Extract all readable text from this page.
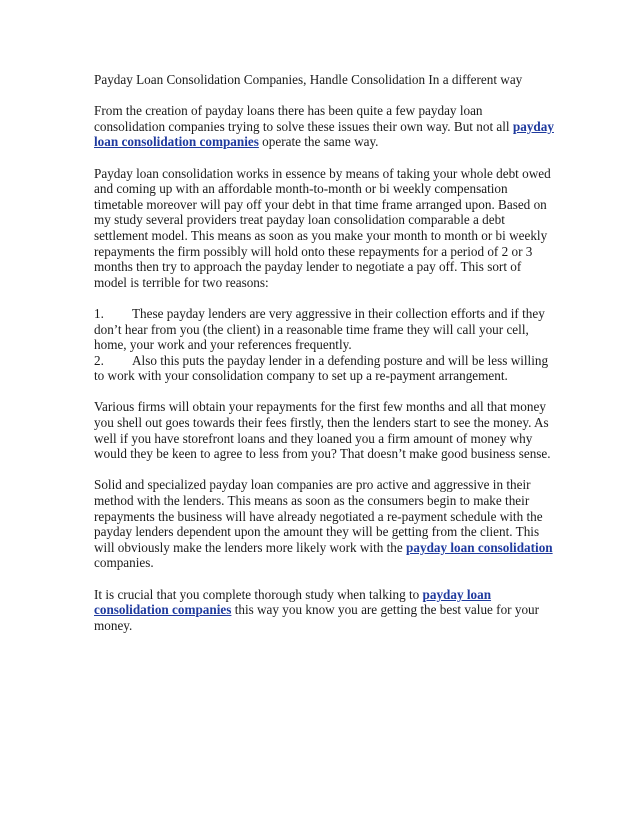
Payday Loan Consolidation Companies, Handle Consolidation In a different way

From the creation of payday loans there has been quite a few payday loan consolidation companies trying to solve these issues their own way. But not all payday loan consolidation companies operate the same way.

Payday loan consolidation works in essence by means of taking your whole debt owed and coming up with an affordable month-to-month or bi weekly compensation timetable moreover will pay off your debt in that time frame arranged upon. Based on my study several providers treat payday loan consolidation comparable a debt settlement model. This means as soon as you make your month to month or bi weekly repayments the firm possibly will hold onto these repayments for a period of 2 or 3 months then try to approach the payday lender to negotiate a pay off. This sort of model is terrible for two reasons:

1. These payday lenders are very aggressive in their collection efforts and if they don’t hear from you (the client) in a reasonable time frame they will call your cell, home, your work and your references frequently.

2. Also this puts the payday lender in a defending posture and will be less willing to work with your consolidation company to set up a re-payment arrangement.

Various firms will obtain your repayments for the first few months and all that money you shell out goes towards their fees firstly, then the lenders start to see the money. As well if you have storefront loans and they loaned you a firm amount of money why would they be keen to agree to less from you? That doesn’t make good business sense.

Solid and specialized payday loan companies are pro active and aggressive in their method with the lenders. This means as soon as the consumers begin to make their repayments the business will have already negotiated a re-payment schedule with the payday lenders dependent upon the amount they will be getting from the client. This will obviously make the lenders more likely work with the payday loan consolidation companies.

It is crucial that you complete thorough study when talking to payday loan consolidation companies this way you know you are getting the best value for your money.
